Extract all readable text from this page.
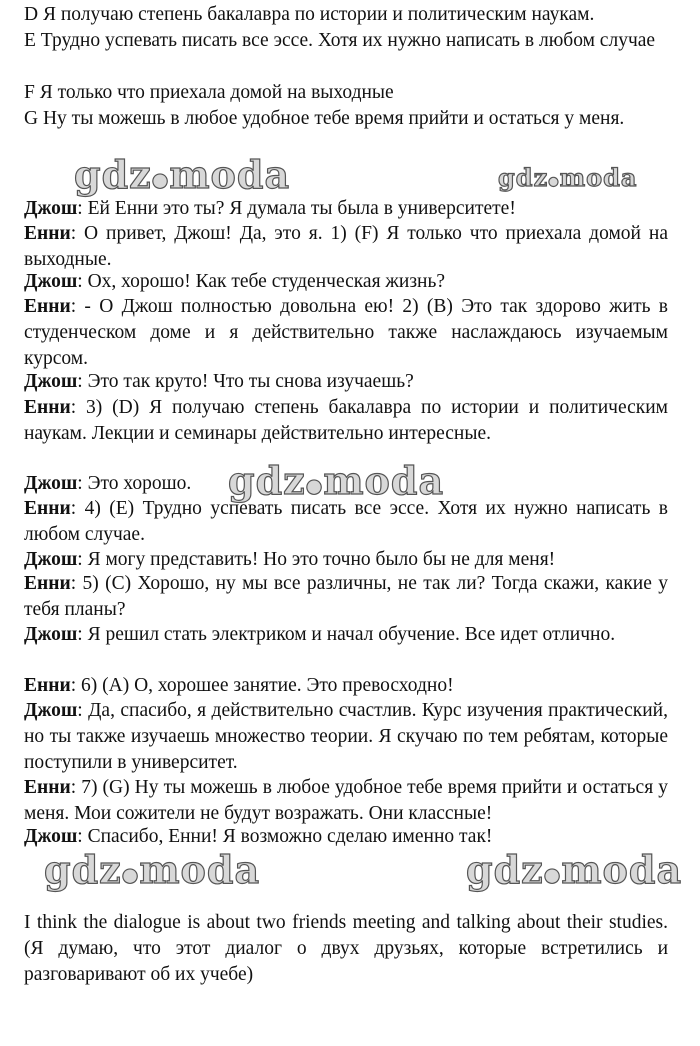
D Я получаю степень бакалавра по истории и политическим наукам.

E Трудно успевать писать все эссе. Хотя их нужно написать в любом случае

F Я только что приехала домой на выходные

G Ну ты можешь в любое удобное тебе время прийти и остаться у меня.

Джош: Ей Енни это ты? Я думала ты была в университете!

Енни: О привет, Джош! Да, это я. 1) (F) Я только что приехала домой на выходные.

Джош: Ох, хорошо! Как тебе студенческая жизнь?

Енни: - О Джош полностью довольна ею! 2) (B) Это так здорово жить в студенческом доме и я действительно также наслаждаюсь изучаемым курсом.

Джош: Это так круто! Что ты снова изучаешь?

Енни: 3) (D) Я получаю степень бакалавра по истории и политическим наукам. Лекции и семинары действительно интересные.

Джош: Это хорошо.

Енни: 4) (E) Трудно успевать писать все эссе. Хотя их нужно написать в любом случае.

Джош: Я могу представить! Но это точно было бы не для меня!

Енни: 5) (C) Хорошо, ну мы все различны, не так ли? Тогда скажи, какие у тебя планы?

Джош: Я решил стать электриком и начал обучение. Все идет отлично.

Енни: 6) (A) О, хорошее занятие. Это превосходно!

Джош: Да, спасибо, я действительно счастлив. Курс изучения практический, но ты также изучаешь множество теории. Я скучаю по тем ребятам, которые поступили в университет.

Енни: 7) (G) Ну ты можешь в любое удобное тебе время прийти и остаться у меня. Мои сожители не будут возражать. Они классные!

Джош: Спасибо, Енни! Я возможно сделаю именно так!

I think the dialogue is about two friends meeting and talking about their studies. (Я думаю, что этот диалог о двух друзьях, которые встретились и разговаривают об их учебе)

gdz●moda	gdz●moda
gdz●moda
gdz●moda	gdz●moda
